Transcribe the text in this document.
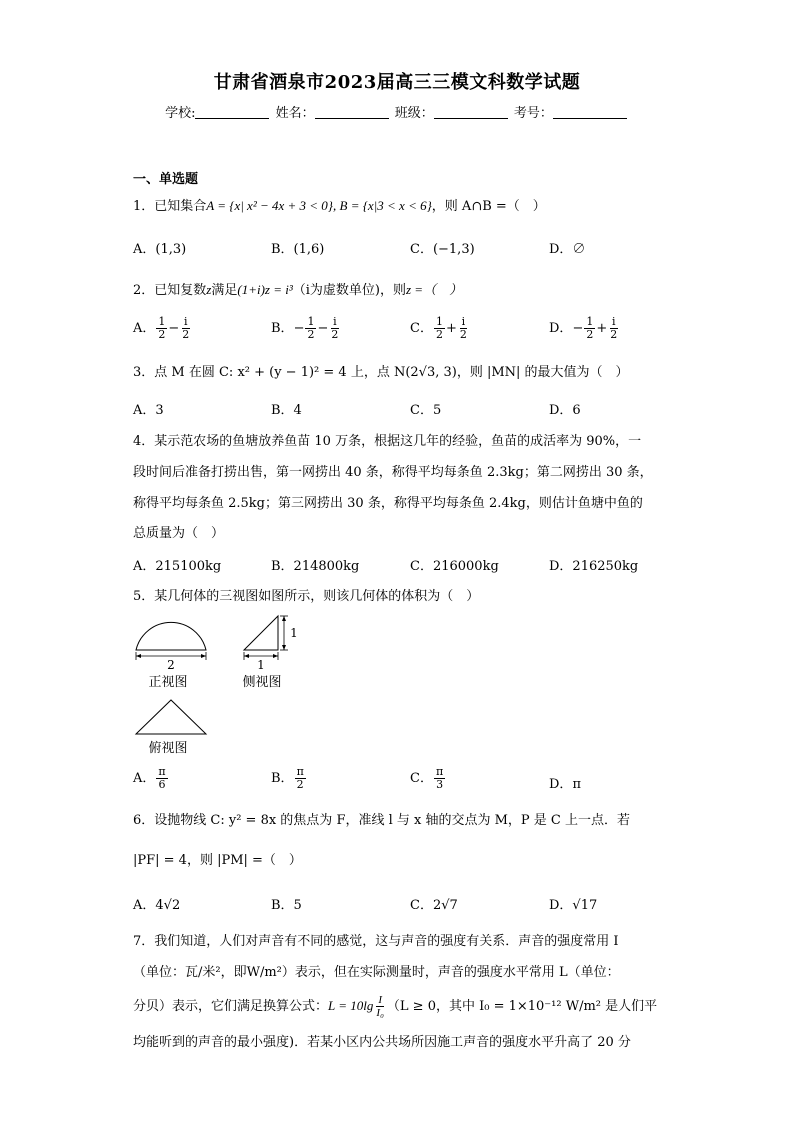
甘肃省酒泉市2023届高三三模文科数学试题
学校:	姓名：	班级：	考号：
一、单选题
1．已知集合A = {x| x² − 4x + 3 < 0}, B = {x|3 < x < 6}，则 A∩B =（　）
A．(1,3)	B．(1,6)	C．(−1,3)	D．∅
2．已知复数z满足(1+i)z = i³（i为虚数单位)，则z =（　）
A． $\frac{1}{2} - \frac{i}{2}$	B．− $\frac{1}{2} - \frac{i}{2}$	C． $\frac{1}{2} + \frac{i}{2}$	D．− $\frac{1}{2} + \frac{i}{2}$
3．点 M 在圆 C: x² + (y − 1)² = 4 上，点 N(2√3, 3)，则 |MN| 的最大值为（　）
A．3	B．4	C．5	D．6
4．某示范农场的鱼塘放养鱼苗 10 万条，根据这几年的经验，鱼苗的成活率为 90%，一
段时间后准备打捞出售，第一网捞出 40 条，称得平均每条鱼 2.3kg；第二网捞出 30 条，
称得平均每条鱼 2.5kg；第三网捞出 30 条，称得平均每条鱼 2.4kg，则估计鱼塘中鱼的
总质量为（　）
A．215100kg	B．214800kg	C．216000kg	D．216250kg
5．某几何体的三视图如图所示，则该几何体的体积为（　）
2
正视图
1
1
侧视图
俯视图
A． $\frac{\pi}{6}$	B． $\frac{\pi}{2}$	C． $\frac{\pi}{3}$	D．π
6．设抛物线 C: y² = 8x 的焦点为 F，准线 l 与 x 轴的交点为 M，P 是 C 上一点．若
|PF| = 4，则 |PM| =（　）
A．4√2	B．5	C．2√7	D．√17
7．我们知道，人们对声音有不同的感觉，这与声音的强度有关系．声音的强度常用 I
（单位：瓦/米²，即W/m²）表示，但在实际测量时，声音的强度水平常用 L（单位：
分贝）表示，它们满足换算公式：$L = 10\lg \frac{I}{\text{I₀}} (L \ge 0$，其中 I₀ = 1×10⁻¹² W/m² 是人们平
均能听到的声音的最小强度)．若某小区内公共场所因施工声音的强度水平升高了 20 分
